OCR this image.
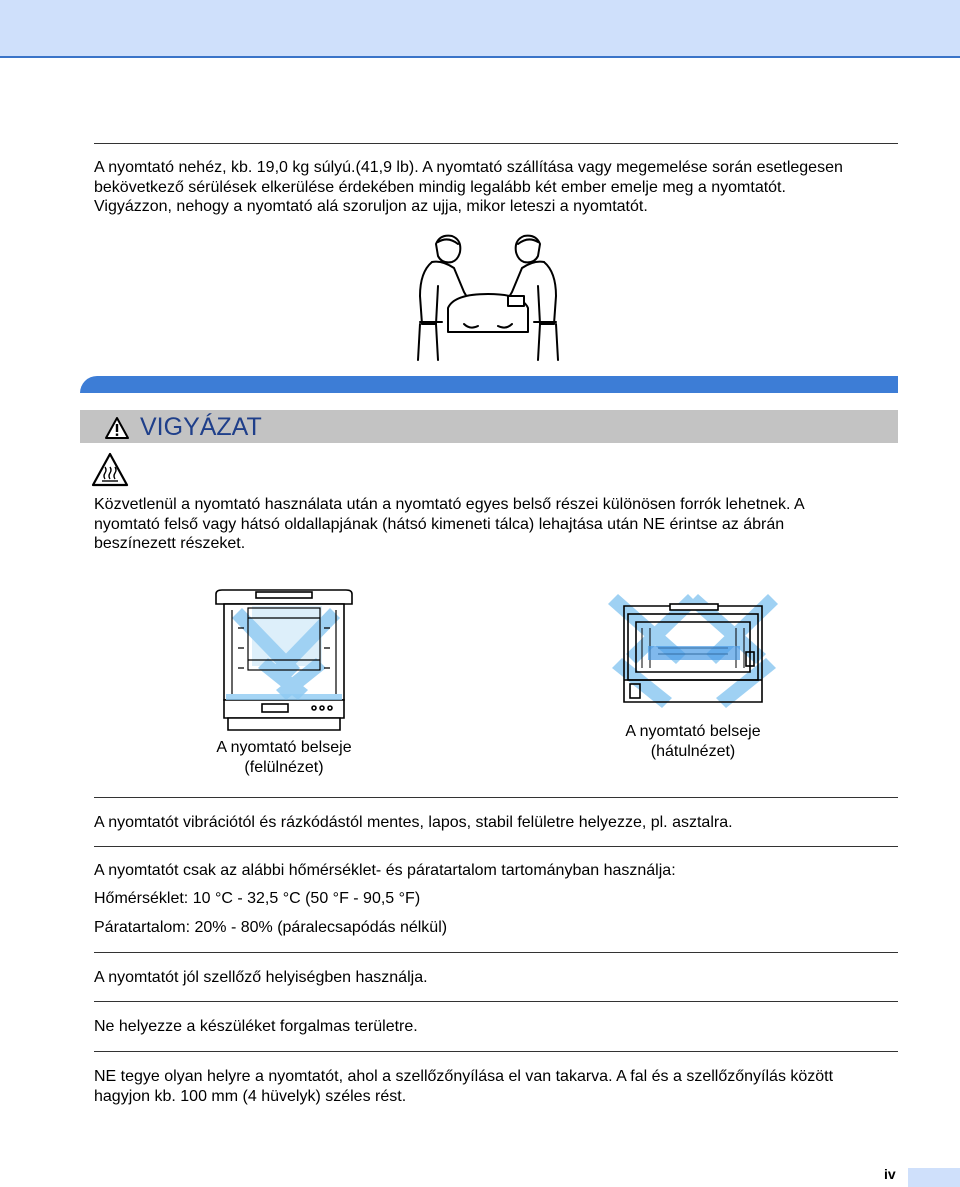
A nyomtató nehéz, kb. 19,0 kg súlyú.(41,9 lb). A nyomtató szállítása vagy megemelése során esetlegesen
bekövetkező sérülések elkerülése érdekében mindig legalább két ember emelje meg a nyomtatót.
Vigyázzon, nehogy a nyomtató alá szoruljon az ujja, mikor leteszi a nyomtatót.

VIGYÁZAT

Közvetlenül a nyomtató használata után a nyomtató egyes belső részei különösen forrók lehetnek. A
nyomtató felső vagy hátsó oldallapjának (hátsó kimeneti tálca) lehajtása után NE érintse az ábrán
beszínezett részeket.

A nyomtató belseje
(felülnézet)
A nyomtató belseje
(hátulnézet)

A nyomtatót vibrációtól és rázkódástól mentes, lapos, stabil felületre helyezze, pl. asztalra.

A nyomtatót csak az alábbi hőmérséklet- és páratartalom tartományban használja:

Hőmérséklet: 10 °C - 32,5 °C (50 °F - 90,5 °F)

Páratartalom: 20% - 80% (páralecsapódás nélkül)

A nyomtatót jól szellőző helyiségben használja.

Ne helyezze a készüléket forgalmas területre.

NE tegye olyan helyre a nyomtatót, ahol a szellőzőnyílása el van takarva. A fal és a szellőzőnyílás között
hagyjon kb. 100 mm (4 hüvelyk) széles rést.

iv
